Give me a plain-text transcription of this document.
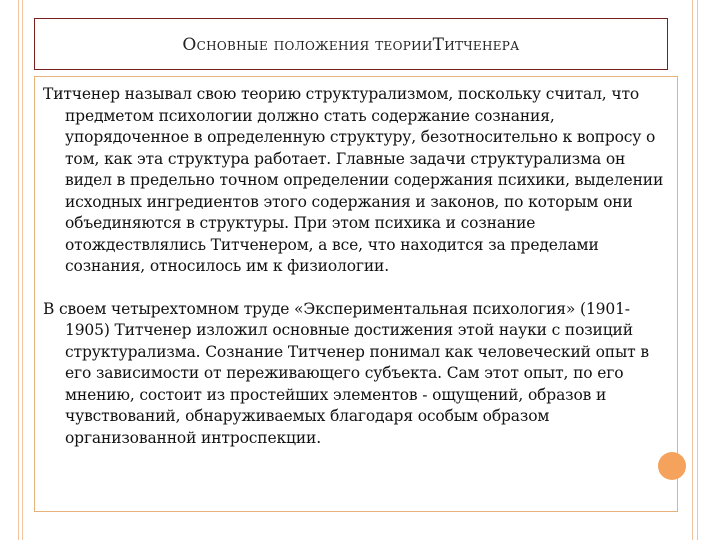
Основные положения теорииТитченера

Титченер называл свою теорию структурализмом, поскольку считал, что предметом психологии должно стать содержание сознания, упорядоченное в определенную структуру, безотносительно к вопросу о том, как эта структура работает. Главные задачи структурализма он видел в предельно точном определении содержания психики, выделении исходных ингредиентов этого содержания и законов, по которым они объединяются в структуры. При этом психика и сознание отождествлялись Титченером, а все, что находится за пределами сознания, относилось им к физиологии.

В своем четырехтомном труде «Экспериментальная психология» (1901-1905) Титченер изложил основные достижения этой науки с позиций структурализма. Сознание Титченер понимал как человеческий опыт в его зависимости от переживающего субъекта. Сам этот опыт, по его мнению, состоит из простейших элементов - ощущений, образов и чувствований, обнаруживаемых благодаря особым образом организованной интроспекции.
